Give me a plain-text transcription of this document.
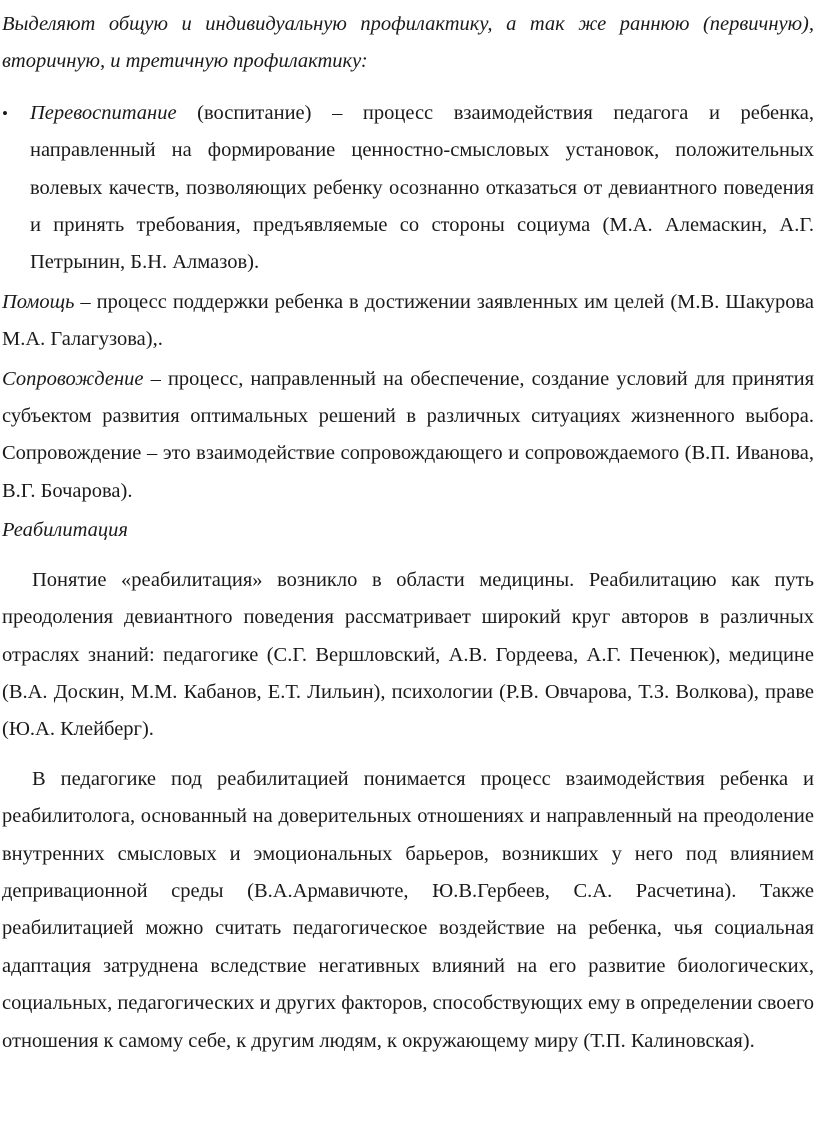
Выделяют общую и индивидуальную профилактику, а так же раннюю (первичную), вторичную, и третичную профилактику:

•	Перевоспитание (воспитание) – процесс взаимодействия педагога и ребенка, направленный на формирование ценностно-смысловых установок, положительных волевых качеств, позволяющих ребенку осознанно отказаться от девиантного поведения и принять требования, предъявляемые со стороны социума (М.А. Алемаскин, А.Г. Петрынин, Б.Н. Алмазов).

Помощь – процесс поддержки ребенка в достижении заявленных им целей (М.В. Шакурова М.А. Галагузова),.

Сопровождение – процесс, направленный на обеспечение, создание условий для принятия субъектом развития оптимальных решений в различных ситуациях жизненного выбора. Сопровождение – это взаимодействие сопровождающего и сопровождаемого (В.П. Иванова, В.Г. Бочарова).

Реабилитация

Понятие «реабилитация» возникло в области медицины. Реабилитацию как путь преодоления девиантного поведения рассматривает широкий круг авторов в различных отраслях знаний: педагогике (С.Г. Вершловский, А.В. Гордеева, А.Г. Печенюк), медицине (В.А. Доскин, М.М. Кабанов, Е.Т. Лильин), психологии (Р.В. Овчарова, Т.З. Волкова), праве (Ю.А. Клейберг).

В педагогике под реабилитацией понимается процесс взаимодействия ребенка и реабилитолога, основанный на доверительных отношениях и направленный на преодоление внутренних смысловых и эмоциональных барьеров, возникших у него под влиянием депривационной среды (В.А.Армавичюте, Ю.В.Гербеев, С.А. Расчетина). Также реабилитацией можно считать педагогическое воздействие на ребенка, чья социальная адаптация затруднена вследствие негативных влияний на его развитие биологических, социальных, педагогических и других факторов, способствующих ему в определении своего отношения к самому себе, к другим людям, к окружающему миру (Т.П. Калиновская).
